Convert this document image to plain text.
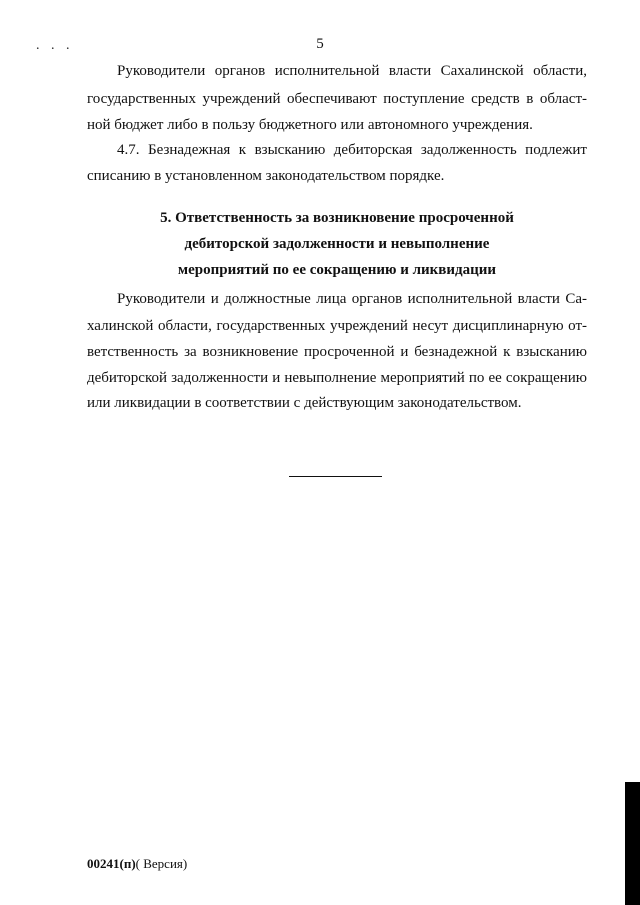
. . .	5
Руководители органов исполнительной власти Сахалинской области,
государственных учреждений обеспечивают поступление средств в област-
ной бюджет либо в пользу бюджетного или автономного учреждения.
4.7. Безнадежная к взысканию дебиторская задолженность подлежит
списанию в установленном законодательством порядке.
5. Ответственность за возникновение просроченной
дебиторской задолженности и невыполнение
мероприятий по ее сокращению и ликвидации
Руководители и должностные лица органов исполнительной власти Са-
халинской области, государственных учреждений несут дисциплинарную от-
ветственность за возникновение просроченной и безнадежной к взысканию
дебиторской задолженности и невыполнение мероприятий по ее сокращению
или ликвидации в соответствии с действующим законодательством.
00241(п)( Версия)
